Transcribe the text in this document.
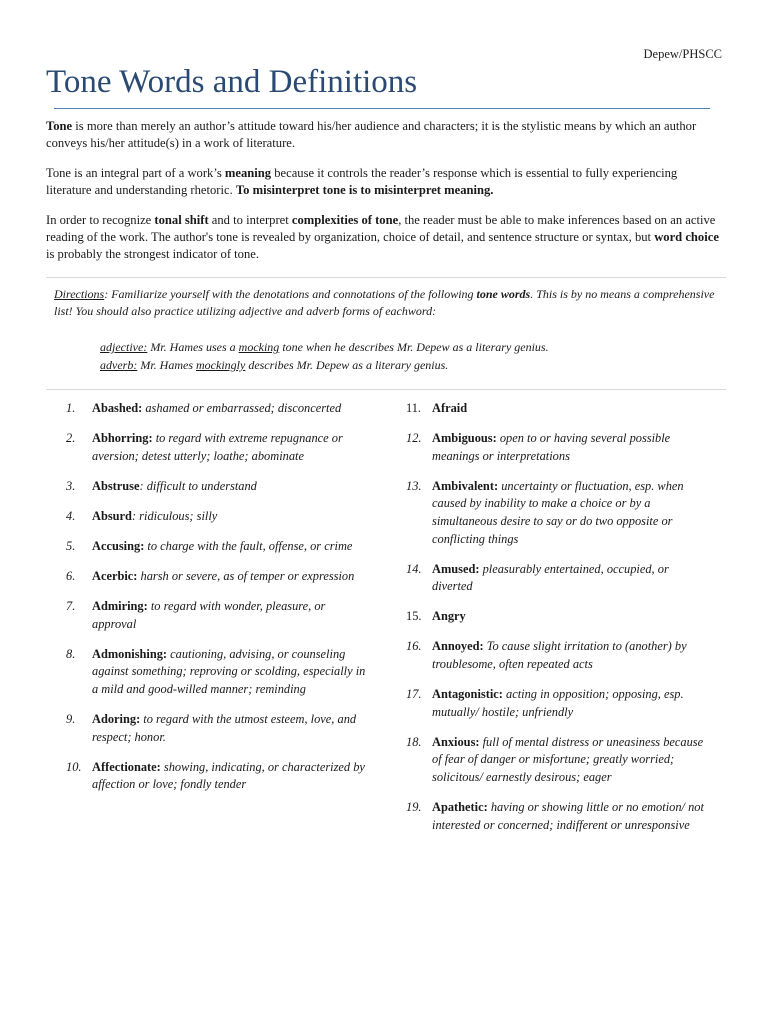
Depew/PHSCC
Tone Words and Definitions

Tone is more than merely an author’s attitude toward his/her audience and characters; it is the stylistic means by which an author conveys his/her attitude(s) in a work of literature.

Tone is an integral part of a work’s meaning because it controls the reader’s response which is essential to fully experiencing literature and understanding rhetoric. To misinterpret tone is to misinterpret meaning.

In order to recognize tonal shift and to interpret complexities of tone, the reader must be able to make inferences based on an active reading of the work. The author's tone is revealed by organization, choice of detail, and sentence structure or syntax, but word choice is probably the strongest indicator of tone.

Directions: Familiarize yourself with the denotations and connotations of the following tone words. This is by no means a comprehensive list! You should also practice utilizing adjective and adverb forms of eachword:
adjective: Mr. Hames uses a mocking tone when he describes Mr. Depew as a literary genius.
adverb: Mr. Hames mockingly describes Mr. Depew as a literary genius.
1.	Abashed: ashamed or embarrassed; disconcerted
2.	Abhorring: to regard with extreme repugnance or aversion; detest utterly; loathe; abominate
3.	Abstruse: difficult to understand
4.	Absurd: ridiculous; silly
5.	Accusing: to charge with the fault, offense, or crime
6.	Acerbic: harsh or severe, as of temper or expression
7.	Admiring: to regard with wonder, pleasure, or approval
8.	Admonishing: cautioning, advising, or counseling against something; reproving or scolding, especially in a mild and good-willed manner; reminding
9.	Adoring: to regard with the utmost esteem, love, and respect; honor.
10. Affectionate: showing, indicating, or characterized by affection or love; fondly tender
11. Afraid
12. Ambiguous: open to or having several possible meanings or interpretations
13. Ambivalent: uncertainty or fluctuation, esp. when caused by inability to make a choice or by a simultaneous desire to say or do two opposite or conflicting things
14. Amused: pleasurably entertained, occupied, or diverted
15. Angry
16. Annoyed: To cause slight irritation to (another) by troublesome, often repeated acts
17. Antagonistic: acting in opposition; opposing, esp. mutually/ hostile; unfriendly
18. Anxious: full of mental distress or uneasiness because of fear of danger or misfortune; greatly worried; solicitous/ earnestly desirous; eager
19. Apathetic: having or showing little or no emotion/ not interested or concerned; indifferent or unresponsive
